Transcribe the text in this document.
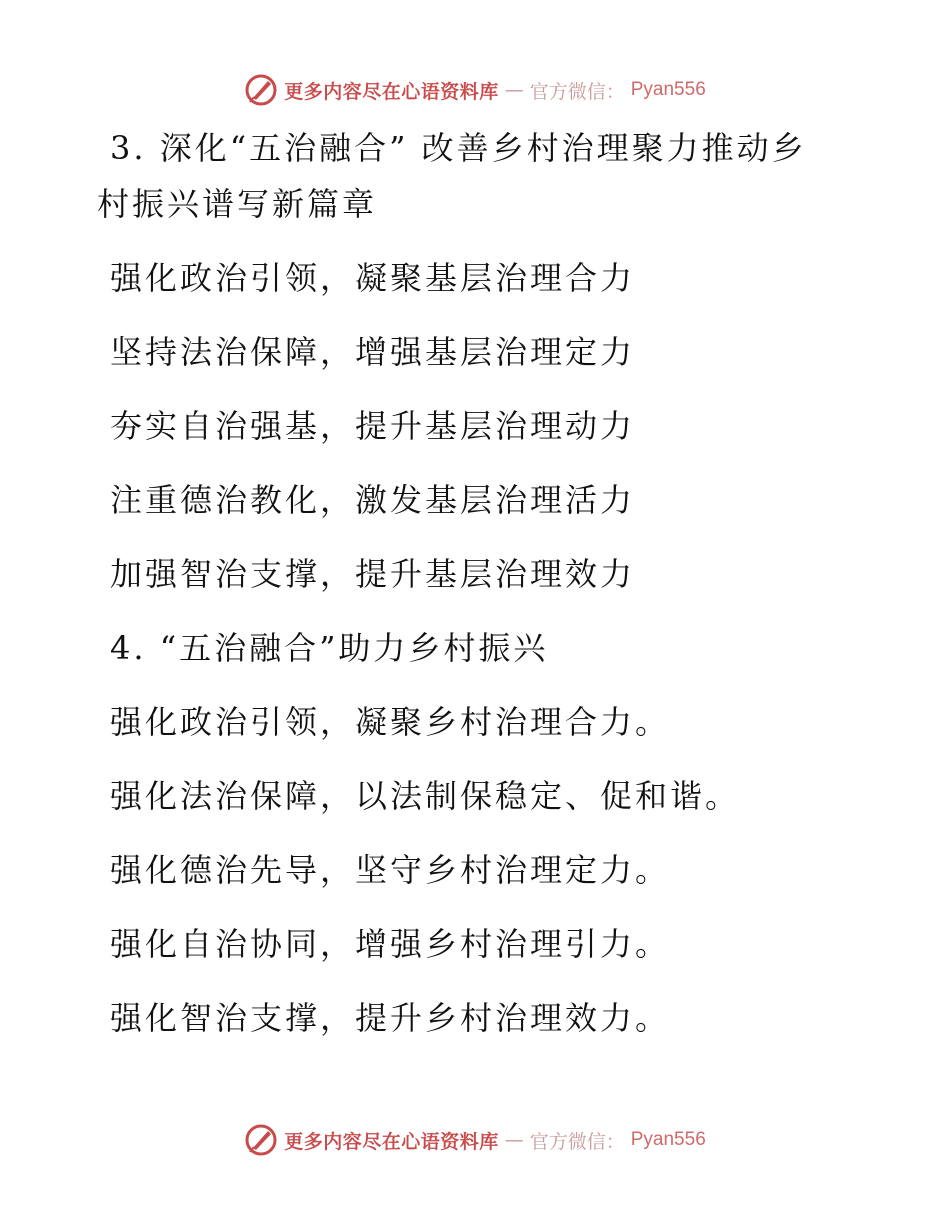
更多内容尽在心语资料库 — 官方微信： Pyan556
3. 深化“五治融合” 改善乡村治理聚力推动乡
村振兴谱写新篇章
强化政治引领，凝聚基层治理合力
坚持法治保障，增强基层治理定力
夯实自治强基，提升基层治理动力
注重德治教化，激发基层治理活力
加强智治支撑，提升基层治理效力
4. “五治融合”助力乡村振兴
强化政治引领，凝聚乡村治理合力。
强化法治保障，以法制保稳定、促和谐。
强化德治先导，坚守乡村治理定力。
强化自治协同，增强乡村治理引力。
强化智治支撑，提升乡村治理效力。
更多内容尽在心语资料库 — 官方微信： Pyan556
